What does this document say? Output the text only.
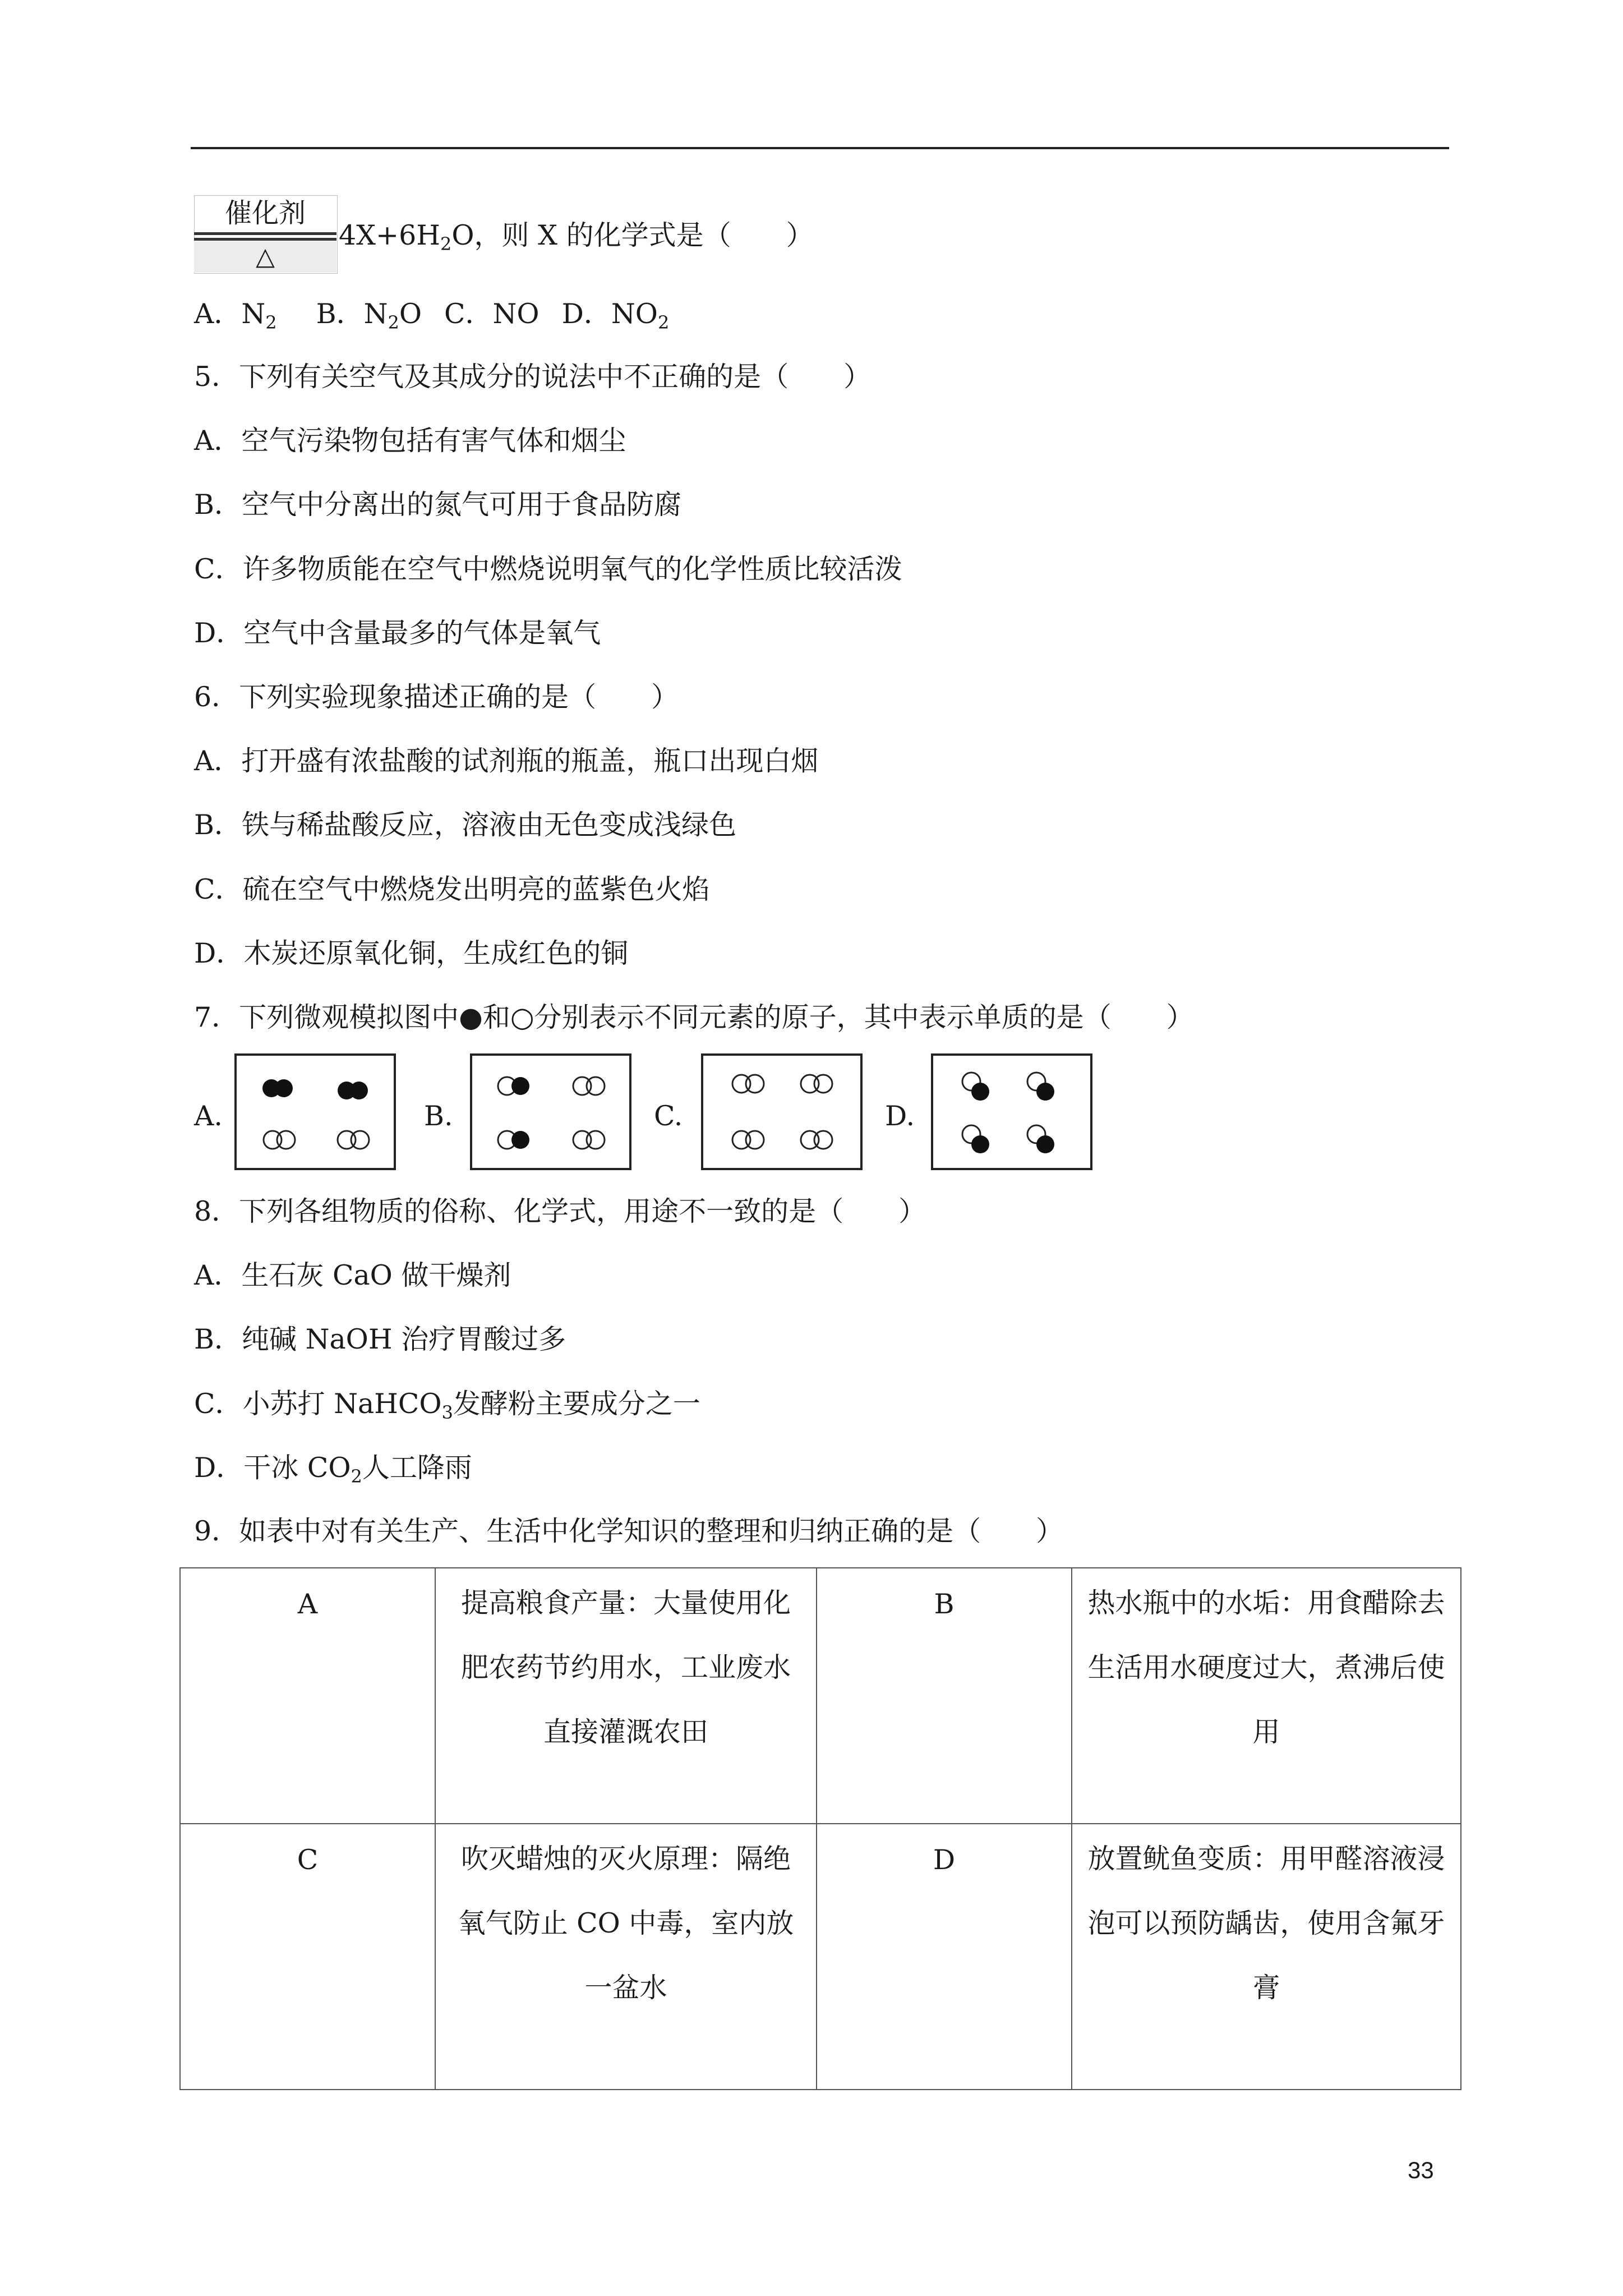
催化剂
△
$4X+6H_2O$，则 X 的化学式是（　　）
A．$N_2$ B．$N_2O$ C．NO D．$NO_2$
5．下列有关空气及其成分的说法中不正确的是（　　）
A．空气污染物包括有害气体和烟尘
B．空气中分离出的氮气可用于食品防腐
C．许多物质能在空气中燃烧说明氧气的化学性质比较活泼
D．空气中含量最多的气体是氧气
6．下列实验现象描述正确的是（　　）
A．打开盛有浓盐酸的试剂瓶的瓶盖，瓶口出现白烟
B．铁与稀盐酸反应，溶液由无色变成浅绿色
C．硫在空气中燃烧发出明亮的蓝紫色火焰
D．木炭还原氧化铜，生成红色的铜
7．下列微观模拟图中●和○分别表示不同元素的原子，其中表示单质的是（　　）
A.	B.	C.	D.
8．下列各组物质的俗称、化学式，用途不一致的是（　　）
A．生石灰 CaO 做干燥剂
B．纯碱 NaOH 治疗胃酸过多
C．小苏打 NaHCO$_3$发酵粉主要成分之一
D．干冰 $CO_2$人工降雨
9．如表中对有关生产、生活中化学知识的整理和归纳正确的是（　　）
A	提高粮食产量：大量使用化肥农药节约用水，工业废水直接灌溉农田	B	热水瓶中的水垢：用食醋除去生活用水硬度过大，煮沸后使用
C	吹灭蜡烛的灭火原理：隔绝氧气防止 CO 中毒，室内放一盆水	D	放置鱿鱼变质：用甲醛溶液浸泡可以预防龋齿，使用含氟牙膏
33
